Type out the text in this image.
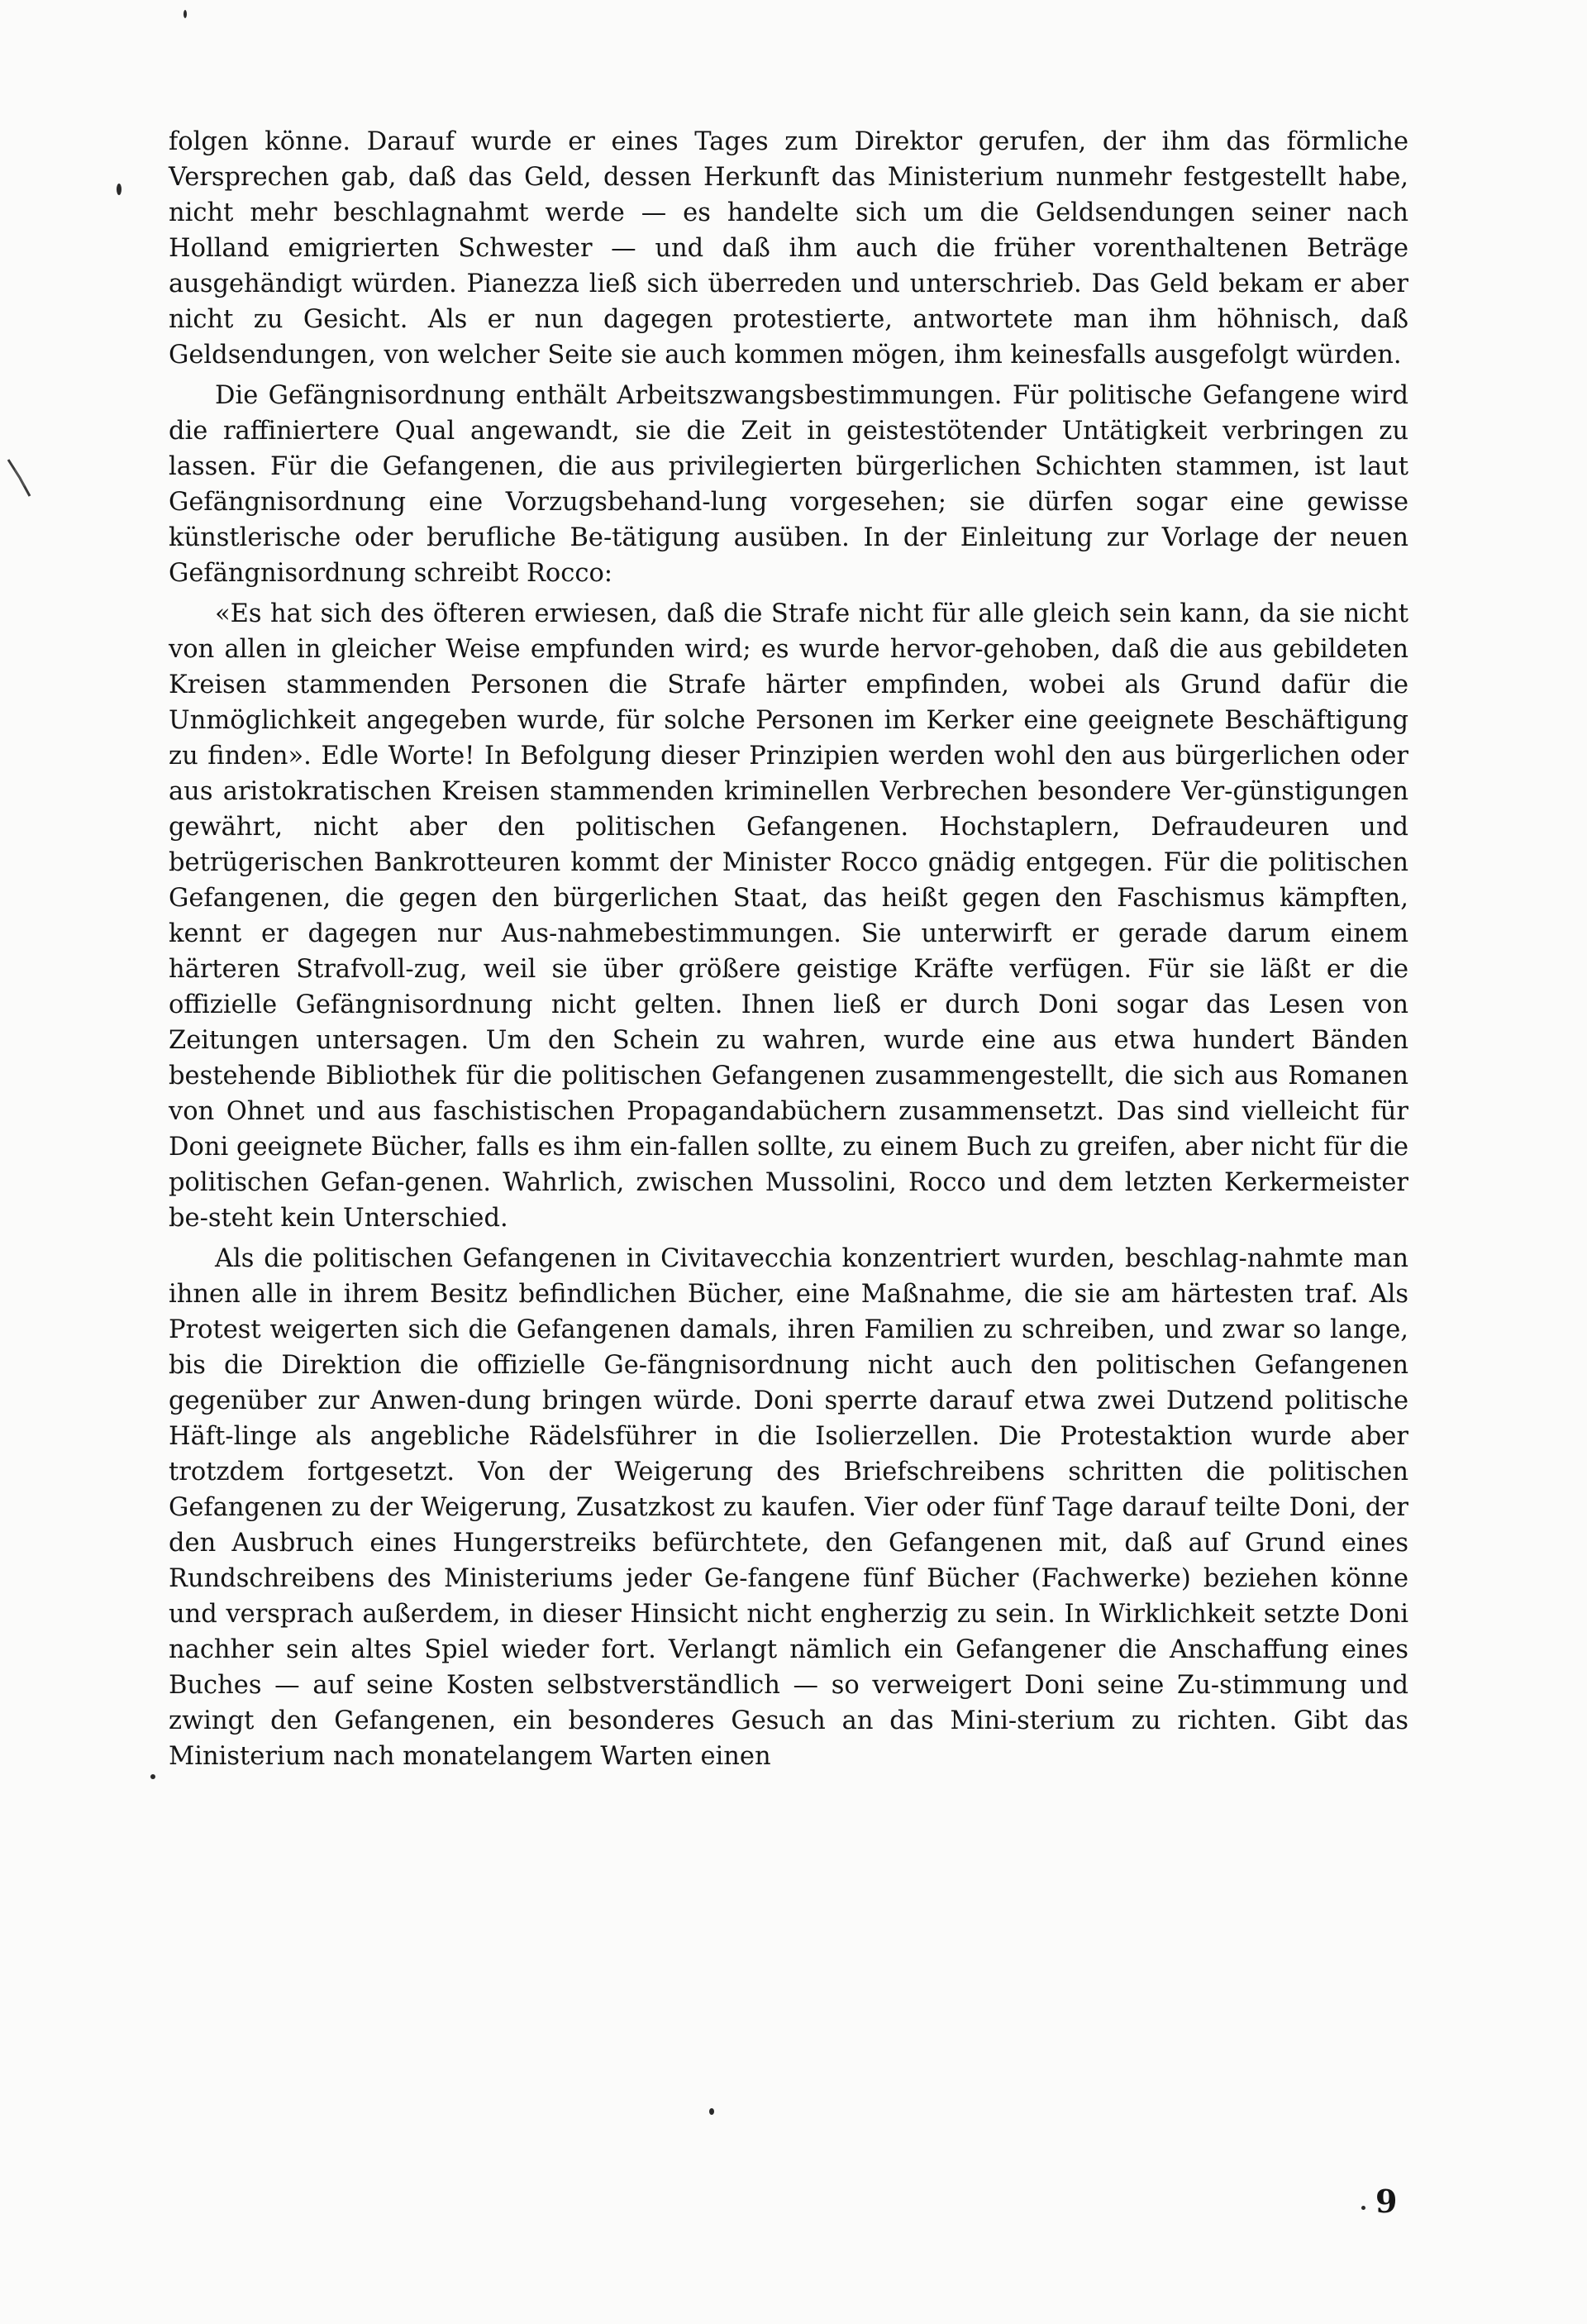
folgen könne. Darauf wurde er eines Tages zum Direktor gerufen, der ihm das förmliche Versprechen gab, daß das Geld, dessen Herkunft das Ministerium nunmehr festgestellt habe, nicht mehr beschlagnahmt werde — es handelte sich um die Geldsendungen seiner nach Holland emigrierten Schwester — und daß ihm auch die früher vorenthaltenen Beträge ausgehändigt würden. Pianezza ließ sich überreden und unterschrieb. Das Geld bekam er aber nicht zu Gesicht. Als er nun dagegen protestierte, antwortete man ihm höhnisch, daß Geldsendungen, von welcher Seite sie auch kommen mögen, ihm keinesfalls ausgefolgt würden.

Die Gefängnisordnung enthält Arbeitszwangsbestimmungen. Für politische Gefangene wird die raffiniertere Qual angewandt, sie die Zeit in geistestötender Untätigkeit verbringen zu lassen. Für die Gefangenen, die aus privilegierten bürgerlichen Schichten stammen, ist laut Gefängnisordnung eine Vorzugsbehand-lung vorgesehen; sie dürfen sogar eine gewisse künstlerische oder berufliche Be-tätigung ausüben. In der Einleitung zur Vorlage der neuen Gefängnisordnung schreibt Rocco:

«Es hat sich des öfteren erwiesen, daß die Strafe nicht für alle gleich sein kann, da sie nicht von allen in gleicher Weise empfunden wird; es wurde hervor-gehoben, daß die aus gebildeten Kreisen stammenden Personen die Strafe härter empfinden, wobei als Grund dafür die Unmöglichkeit angegeben wurde, für solche Personen im Kerker eine geeignete Beschäftigung zu finden». Edle Worte! In Befolgung dieser Prinzipien werden wohl den aus bürgerlichen oder aus aristokratischen Kreisen stammenden kriminellen Verbrechen besondere Ver-günstigungen gewährt, nicht aber den politischen Gefangenen. Hochstaplern, Defraudeuren und betrügerischen Bankrotteuren kommt der Minister Rocco gnädig entgegen. Für die politischen Gefangenen, die gegen den bürgerlichen Staat, das heißt gegen den Faschismus kämpften, kennt er dagegen nur Aus-nahmebestimmungen. Sie unterwirft er gerade darum einem härteren Strafvoll-zug, weil sie über größere geistige Kräfte verfügen. Für sie läßt er die offizielle Gefängnisordnung nicht gelten. Ihnen ließ er durch Doni sogar das Lesen von Zeitungen untersagen. Um den Schein zu wahren, wurde eine aus etwa hundert Bänden bestehende Bibliothek für die politischen Gefangenen zusammengestellt, die sich aus Romanen von Ohnet und aus faschistischen Propagandabüchern zusammensetzt. Das sind vielleicht für Doni geeignete Bücher, falls es ihm ein-fallen sollte, zu einem Buch zu greifen, aber nicht für die politischen Gefan-genen. Wahrlich, zwischen Mussolini, Rocco und dem letzten Kerkermeister be-steht kein Unterschied.

Als die politischen Gefangenen in Civitavecchia konzentriert wurden, beschlag-nahmte man ihnen alle in ihrem Besitz befindlichen Bücher, eine Maßnahme, die sie am härtesten traf. Als Protest weigerten sich die Gefangenen damals, ihren Familien zu schreiben, und zwar so lange, bis die Direktion die offizielle Ge-fängnisordnung nicht auch den politischen Gefangenen gegenüber zur Anwen-dung bringen würde. Doni sperrte darauf etwa zwei Dutzend politische Häft-linge als angebliche Rädelsführer in die Isolierzellen. Die Protestaktion wurde aber trotzdem fortgesetzt. Von der Weigerung des Briefschreibens schritten die politischen Gefangenen zu der Weigerung, Zusatzkost zu kaufen. Vier oder fünf Tage darauf teilte Doni, der den Ausbruch eines Hungerstreiks befürchtete, den Gefangenen mit, daß auf Grund eines Rundschreibens des Ministeriums jeder Ge-fangene fünf Bücher (Fachwerke) beziehen könne und versprach außerdem, in dieser Hinsicht nicht engherzig zu sein. In Wirklichkeit setzte Doni nachher sein altes Spiel wieder fort. Verlangt nämlich ein Gefangener die Anschaffung eines Buches — auf seine Kosten selbstverständlich — so verweigert Doni seine Zu-stimmung und zwingt den Gefangenen, ein besonderes Gesuch an das Mini-sterium zu richten. Gibt das Ministerium nach monatelangem Warten einen

9
